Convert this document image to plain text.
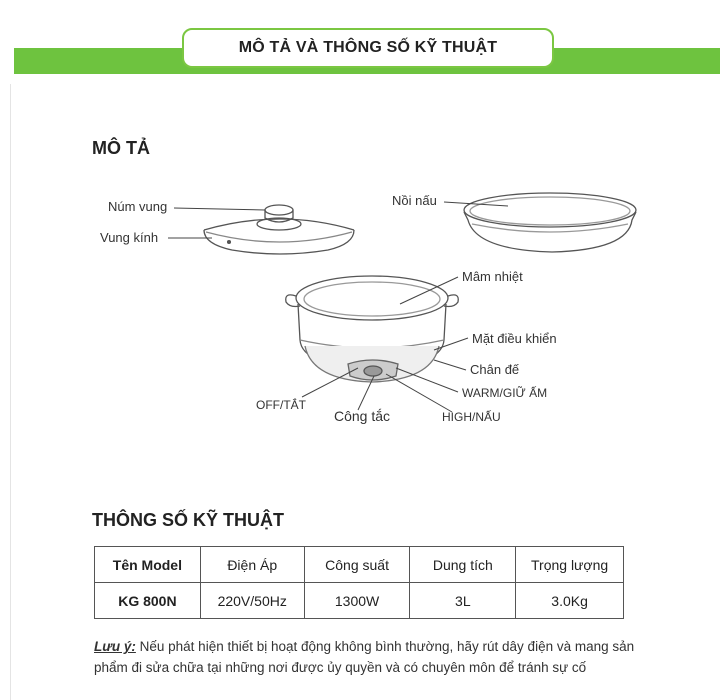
MÔ TẢ VÀ THÔNG SỐ KỸ THUẬT
MÔ TẢ
Núm vung
Vung kính
Nồi nấu
Mâm nhiệt
Mặt điều khiển
Chân đế
WARM/GIỮ ẤM
OFF/TẮT
Công tắc	HIGH/NẤU
THÔNG SỐ KỸ THUẬT
Tên Model	Điện Áp	Công suất	Dung tích	Trọng lượng
KG 800N	220V/50Hz	1300W	3L	3.0Kg
Lưu ý: Nếu phát hiện thiết bị hoạt động không bình thường, hãy rút dây điện và mang sản phẩm đi sửa chữa tại những nơi được ủy quyền và có chuyên môn để tránh sự cố
